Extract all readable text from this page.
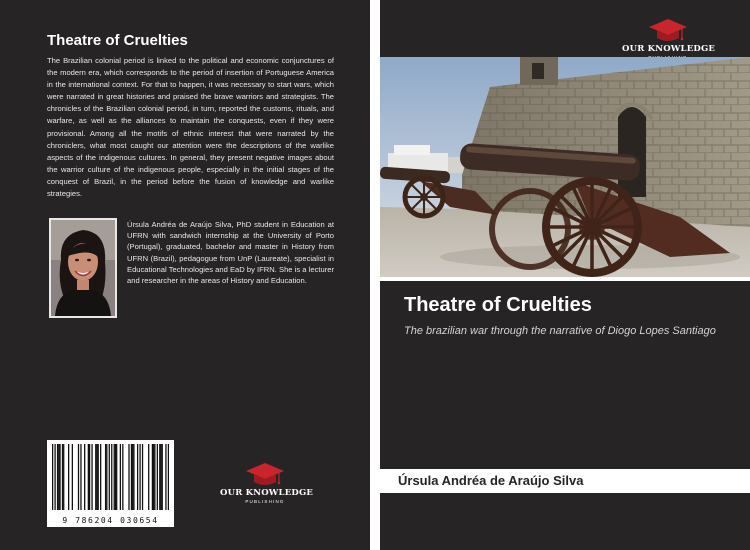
Theatre of Cruelties

The Brazilian colonial period is linked to the political and economic conjunctures of the modern era, which corresponds to the period of insertion of Portuguese America in the international context. For that to happen, it was necessary to start wars, which were narrated in great histories and praised the brave warriors and strategists. The chronicles of the Brazilian colonial period, in turn, reported the customs, rituals, and warfare, as well as the alliances to maintain the conquests, even if they were provisional. Among all the motifs of ethnic interest that were narrated by the chroniclers, what most caught our attention were the descriptions of the warlike aspects of the indigenous cultures. In general, they present negative images about the warrior culture of the indigenous people, especially in the initial stages of the conquest of Brazil, in the period before the fusion of knowledge and warlike strategies.

Úrsula Andréa de Araújo Silva, PhD student in Education at UFRN with sandwich internship at the University of Porto (Portugal), graduated, bachelor and master in History from UFRN (Brazil), pedagogue from UnP (Laureate), specialist in Educational Technologies and EaD by IFRN. She is a lecturer and researcher in the areas of History and Education.

9 786204 030654
OUR KNOWLEDGE
PUBLISHING
OUR KNOWLEDGE
Theatre of Cruelties

The brazilian war through the narrative of Diogo Lopes Santiago

Úrsula Andréa de Araújo Silva
